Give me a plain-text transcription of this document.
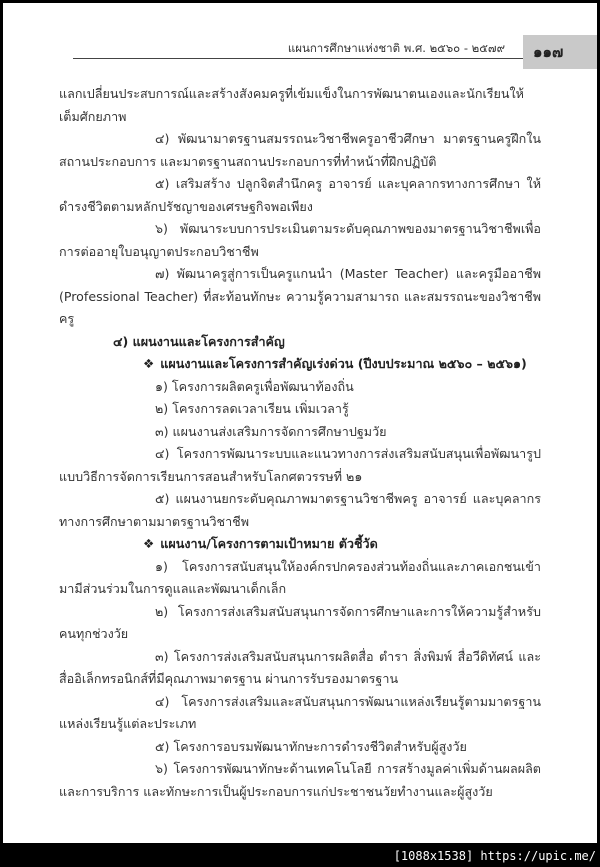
แผนการศึกษาแห่งชาติ พ.ศ. ๒๕๖๐ - ๒๕๗๙ ๑๑๗

แลกเปลี่ยนประสบการณ์และสร้างสังคมครูที่เข้มแข็งในการพัฒนาตนเองและนักเรียนให้เต็มศักยภาพ

๔) พัฒนามาตรฐานสมรรถนะวิชาชีพครูอาชีวศึกษา มาตรฐานครูฝึกในสถานประกอบการ และมาตรฐานสถานประกอบการที่ทำหน้าที่ฝึกปฏิบัติ

๕) เสริมสร้าง ปลูกจิตสำนึกครู อาจารย์ และบุคลากรทางการศึกษา ให้ดำรงชีวิตตามหลักปรัชญาของเศรษฐกิจพอเพียง

๖) พัฒนาระบบการประเมินตามระดับคุณภาพของมาตรฐานวิชาชีพเพื่อการต่ออายุใบอนุญาตประกอบวิชาชีพ

๗) พัฒนาครูสู่การเป็นครูแกนนำ (Master Teacher) และครูมืออาชีพ (Professional Teacher) ที่สะท้อนทักษะ ความรู้ความสามารถ และสมรรถนะของวิชาชีพครู

๔) แผนงานและโครงการสำคัญ

❖ แผนงานและโครงการสำคัญเร่งด่วน (ปีงบประมาณ ๒๕๖๐ – ๒๕๖๑)

๑) โครงการผลิตครูเพื่อพัฒนาท้องถิ่น

๒) โครงการลดเวลาเรียน เพิ่มเวลารู้

๓) แผนงานส่งเสริมการจัดการศึกษาปฐมวัย

๔) โครงการพัฒนาระบบและแนวทางการส่งเสริมสนับสนุนเพื่อพัฒนารูปแบบวิธีการจัดการเรียนการสอนสำหรับโลกศตวรรษที่ ๒๑

๕) แผนงานยกระดับคุณภาพมาตรฐานวิชาชีพครู อาจารย์ และบุคลากรทางการศึกษาตามมาตรฐานวิชาชีพ

❖ แผนงาน/โครงการตามเป้าหมาย ตัวชี้วัด

๑) โครงการสนับสนุนให้องค์กรปกครองส่วนท้องถิ่นและภาคเอกชนเข้ามามีส่วนร่วมในการดูแลและพัฒนาเด็กเล็ก

๒) โครงการส่งเสริมสนับสนุนการจัดการศึกษาและการให้ความรู้สำหรับคนทุกช่วงวัย

๓) โครงการส่งเสริมสนับสนุนการผลิตสื่อ ตำรา สิ่งพิมพ์ สื่อวีดิทัศน์ และสื่ออิเล็กทรอนิกส์ที่มีคุณภาพมาตรฐาน ผ่านการรับรองมาตรฐาน

๔) โครงการส่งเสริมและสนับสนุนการพัฒนาแหล่งเรียนรู้ตามมาตรฐานแหล่งเรียนรู้แต่ละประเภท

๕) โครงการอบรมพัฒนาทักษะการดำรงชีวิตสำหรับผู้สูงวัย

๖) โครงการพัฒนาทักษะด้านเทคโนโลยี การสร้างมูลค่าเพิ่มด้านผลผลิตและการบริการ และทักษะการเป็นผู้ประกอบการแก่ประชาชนวัยทำงานและผู้สูงวัย

[1088x1538] https://upic.me/
